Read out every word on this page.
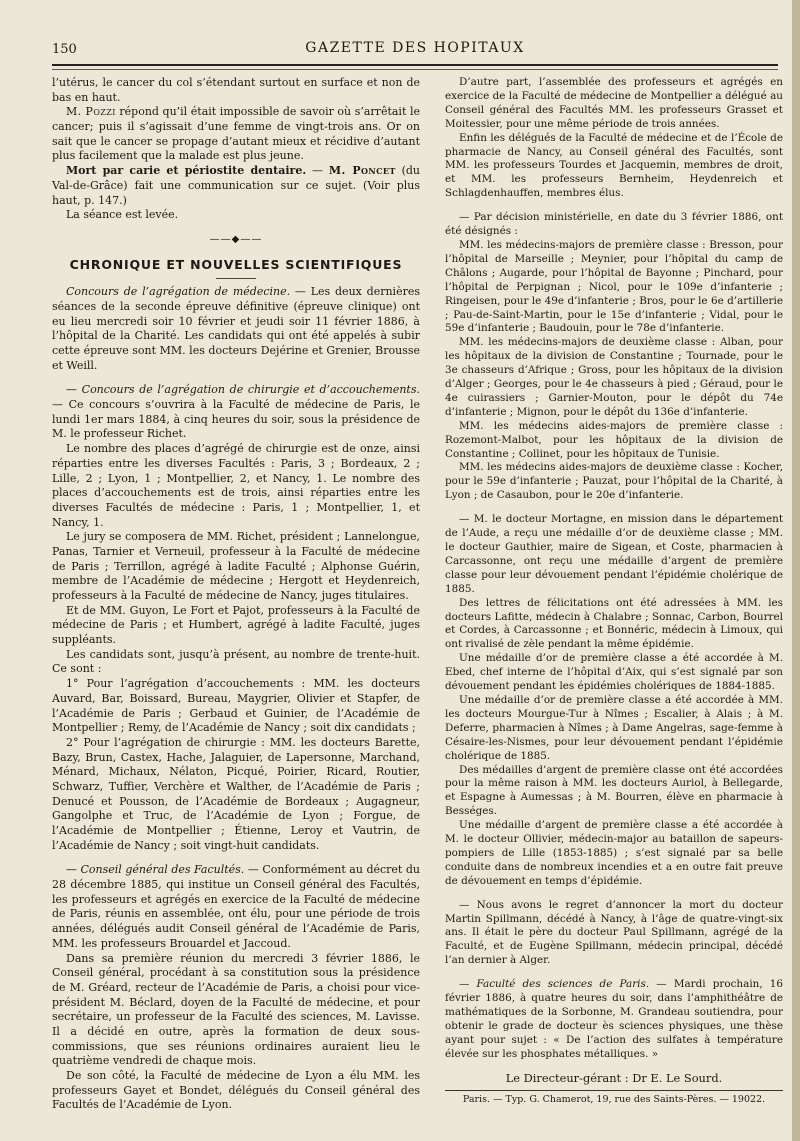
150	GAZETTE DES HOPITAUX

l’utérus, le cancer du col s’étendant surtout en surface et non de bas en haut.

M. Pozzi répond qu’il était impossible de savoir où s’arrêtait le cancer; puis il s’agissait d’une femme de vingt-trois ans. Or on sait que le cancer se propage d’autant mieux et récidive d’autant plus facilement que la malade est plus jeune.

Mort par carie et périostite dentaire. — M. Poncet (du Val-de-Grâce) fait une communication sur ce sujet. (Voir plus haut, p. 147.)

La séance est levée.

——◆——
CHRONIQUE ET NOUVELLES SCIENTIFIQUES

Concours de l’agrégation de médecine. — Les deux dernières séances de la seconde épreuve définitive (épreuve clinique) ont eu lieu mercredi soir 10 février et jeudi soir 11 février 1886, à l’hôpital de la Charité. Les candidats qui ont été appelés à subir cette épreuve sont MM. les docteurs Dejérine et Grenier, Brousse et Weill.

— Concours de l’agrégation de chirurgie et d’accouchements. — Ce concours s’ouvrira à la Faculté de médecine de Paris, le lundi 1er mars 1884, à cinq heures du soir, sous la présidence de M. le professeur Richet.

Le nombre des places d’agrégé de chirurgie est de onze, ainsi réparties entre les diverses Facultés : Paris, 3 ; Bordeaux, 2 ; Lille, 2 ; Lyon, 1 ; Montpellier, 2, et Nancy, 1. Le nombre des places d’accouchements est de trois, ainsi réparties entre les diverses Facultés de médecine : Paris, 1 ; Montpellier, 1, et Nancy, 1.

Le jury se composera de MM. Richet, président ; Lannelongue, Panas, Tarnier et Verneuil, professeur à la Faculté de médecine de Paris ; Terrillon, agrégé à ladite Faculté ; Alphonse Guérin, membre de l’Académie de médecine ; Hergott et Heydenreich, professeurs à la Faculté de médecine de Nancy, juges titulaires.

Et de MM. Guyon, Le Fort et Pajot, professeurs à la Faculté de médecine de Paris ; et Humbert, agrégé à ladite Faculté, juges suppléants.

Les candidats sont, jusqu’à présent, au nombre de trente-huit. Ce sont :

1° Pour l’agrégation d’accouchements : MM. les docteurs Auvard, Bar, Boissard, Bureau, Maygrier, Olivier et Stapfer, de l’Académie de Paris ; Gerbaud et Guinier, de l’Académie de Montpellier ; Remy, de l’Académie de Nancy ; soit dix candidats ;

2° Pour l’agrégation de chirurgie : MM. les docteurs Barette, Bazy, Brun, Castex, Hache, Jalaguier, de Lapersonne, Marchand, Ménard, Michaux, Nélaton, Picqué, Poirier, Ricard, Routier, Schwarz, Tuffier, Verchère et Walther, de l’Académie de Paris ; Denucé et Pousson, de l’Académie de Bordeaux ; Augagneur, Gangolphe et Truc, de l’Académie de Lyon ; Forgue, de l’Académie de Montpellier ; Étienne, Leroy et Vautrin, de l’Académie de Nancy ; soit vingt-huit candidats.

— Conseil général des Facultés. — Conformément au décret du 28 décembre 1885, qui institue un Conseil général des Facultés, les professeurs et agrégés en exercice de la Faculté de médecine de Paris, réunis en assemblée, ont élu, pour une période de trois années, délégués audit Conseil général de l’Académie de Paris, MM. les professeurs Brouardel et Jaccoud.

Dans sa première réunion du mercredi 3 février 1886, le Conseil général, procédant à sa constitution sous la présidence de M. Gréard, recteur de l’Académie de Paris, a choisi pour vice-président M. Béclard, doyen de la Faculté de médecine, et pour secrétaire, un professeur de la Faculté des sciences, M. Lavisse. Il a décidé en outre, après la formation de deux sous-commissions, que ses réunions ordinaires auraient lieu le quatrième vendredi de chaque mois.

De son côté, la Faculté de médecine de Lyon a élu MM. les professeurs Gayet et Bondet, délégués du Conseil général des Facultés de l’Académie de Lyon.

D’autre part, l’assemblée des professeurs et agrégés en exercice de la Faculté de médecine de Montpellier a délégué au Conseil général des Facultés MM. les professeurs Grasset et Moitessier, pour une même période de trois années.

Enfin les délégués de la Faculté de médecine et de l’École de pharmacie de Nancy, au Conseil général des Facultés, sont MM. les professeurs Tourdes et Jacquemin, membres de droit, et MM. les professeurs Bernheim, Heydenreich et Schlagdenhauffen, membres élus.

— Par décision ministérielle, en date du 3 février 1886, ont été désignés :

MM. les médecins-majors de première classe : Bresson, pour l’hôpital de Marseille ; Meynier, pour l’hôpital du camp de Châlons ; Augarde, pour l’hôpital de Bayonne ; Pinchard, pour l’hôpital de Perpignan ; Nicol, pour le 109e d’infanterie ; Ringeisen, pour le 49e d’infanterie ; Bros, pour le 6e d’artillerie ; Pau-de-Saint-Martin, pour le 15e d’infanterie ; Vidal, pour le 59e d’infanterie ; Baudouin, pour le 78e d’infanterie.

MM. les médecins-majors de deuxième classe : Alban, pour les hôpitaux de la division de Constantine ; Tournade, pour le 3e chasseurs d’Afrique ; Gross, pour les hôpitaux de la division d’Alger ; Georges, pour le 4e chasseurs à pied ; Géraud, pour le 4e cuirassiers ; Garnier-Mouton, pour le dépôt du 74e d’infanterie ; Mignon, pour le dépôt du 136e d’infanterie.

MM. les médecins aides-majors de première classe : Rozemont-Malbot, pour les hôpitaux de la division de Constantine ; Collinet, pour les hôpitaux de Tunisie.

MM. les médecins aides-majors de deuxième classe : Kocher, pour le 59e d’infanterie ; Pauzat, pour l’hôpital de la Charité, à Lyon ; de Casaubon, pour le 20e d’infanterie.

— M. le docteur Mortagne, en mission dans le département de l’Aude, a reçu une médaille d’or de deuxième classe ; MM. le docteur Gauthier, maire de Sigean, et Coste, pharmacien à Carcassonne, ont reçu une médaille d’argent de première classe pour leur dévouement pendant l’épidémie cholérique de 1885.

Des lettres de félicitations ont été adressées à MM. les docteurs Lafitte, médecin à Chalabre ; Sonnac, Carbon, Bourrel et Cordes, à Carcassonne ; et Bonnéric, médecin à Limoux, qui ont rivalisé de zèle pendant la même épidémie.

Une médaille d’or de première classe a été accordée à M. Ebed, chef interne de l’hôpital d’Aix, qui s’est signalé par son dévouement pendant les épidémies cholériques de 1884-1885.

Une médaille d’or de première classe a été accordée à MM. les docteurs Mourgue-Tur à Nîmes ; Escalier, à Alais ; à M. Deferre, pharmacien à Nîmes ; à Dame Angelras, sage-femme à Césaire-les-Nismes, pour leur dévouement pendant l’épidémie cholérique de 1885.

Des médailles d’argent de première classe ont été accordées pour la même raison à MM. les docteurs Auriol, à Bellegarde, et Espagne à Aumessas ; à M. Bourren, élève en pharmacie à Bességes.

Une médaille d’argent de première classe a été accordée à M. le docteur Ollivier, médecin-major au bataillon de sapeurs-pompiers de Lille (1853-1885) ; s’est signalé par sa belle conduite dans de nombreux incendies et a en outre fait preuve de dévouement en temps d’épidémie.

— Nous avons le regret d’annoncer la mort du docteur Martin Spillmann, décédé à Nancy, à l’âge de quatre-vingt-six ans. Il était le père du docteur Paul Spillmann, agrégé de la Faculté, et de Eugène Spillmann, médecin principal, décédé l’an dernier à Alger.

— Faculté des sciences de Paris. — Mardi prochain, 16 février 1886, à quatre heures du soir, dans l’amphithéâtre de mathématiques de la Sorbonne, M. Grandeau soutiendra, pour obtenir le grade de docteur ès sciences physiques, une thèse ayant pour sujet : « De l’action des sulfates à température élevée sur les phosphates métalliques. »

Le Directeur-gérant : Dr E. Le Sourd.
Paris. — Typ. G. Chamerot, 19, rue des Saints-Pères. — 19022.
